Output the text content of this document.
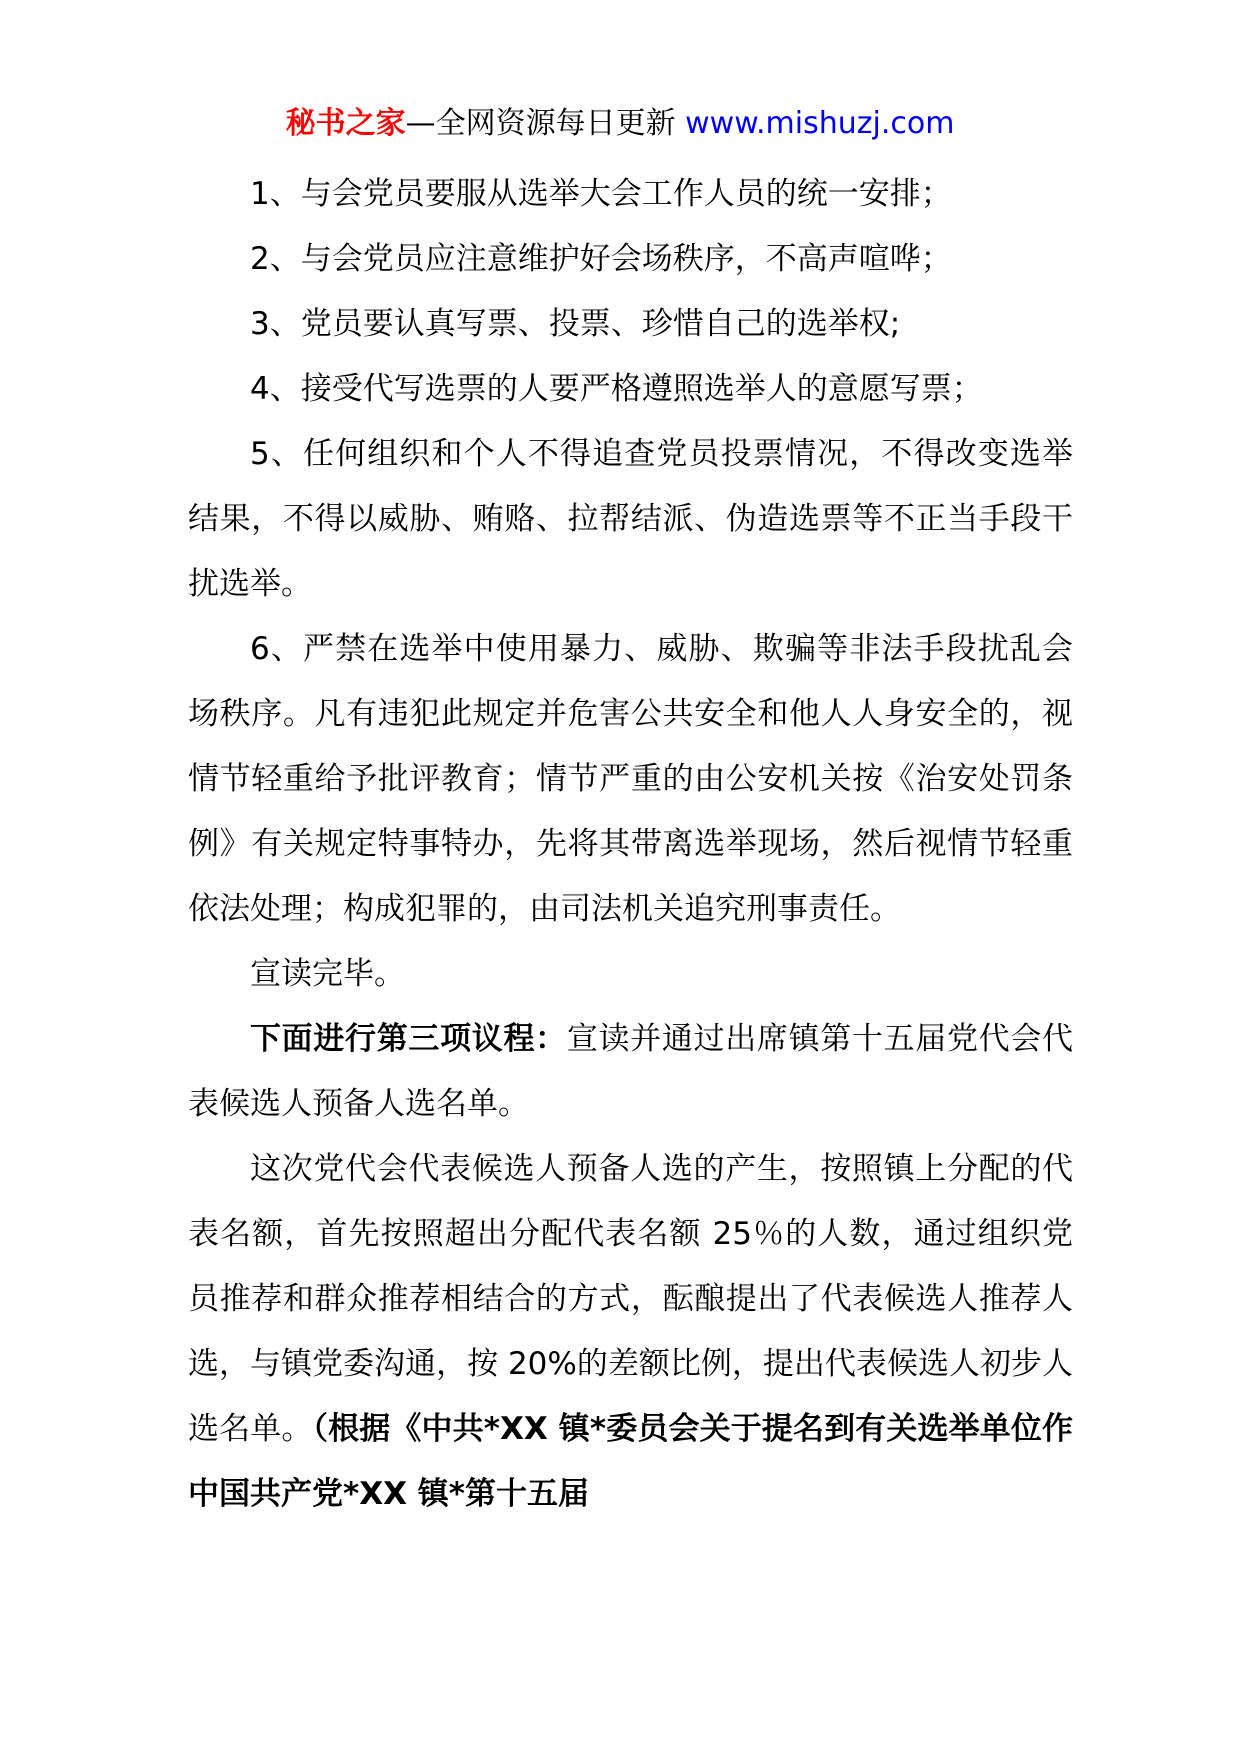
秘书之家—全网资源每日更新 www.mishuzj.com

1、与会党员要服从选举大会工作人员的统一安排；

2、与会党员应注意维护好会场秩序，不高声喧哗；

3、党员要认真写票、投票、珍惜自己的选举权;

4、接受代写选票的人要严格遵照选举人的意愿写票；

5、任何组织和个人不得追查党员投票情况，不得改变选举结果，不得以威胁、贿赂、拉帮结派、伪造选票等不正当手段干扰选举。

6、严禁在选举中使用暴力、威胁、欺骗等非法手段扰乱会场秩序。凡有违犯此规定并危害公共安全和他人人身安全的，视情节轻重给予批评教育；情节严重的由公安机关按《治安处罚条例》有关规定特事特办，先将其带离选举现场，然后视情节轻重依法处理；构成犯罪的，由司法机关追究刑事责任。

宣读完毕。

下面进行第三项议程：宣读并通过出席镇第十五届党代会代表候选人预备人选名单。

这次党代会代表候选人预备人选的产生，按照镇上分配的代表名额，首先按照超出分配代表名额 25％的人数，通过组织党员推荐和群众推荐相结合的方式，酝酿提出了代表候选人推荐人选，与镇党委沟通，按 20%的差额比例，提出代表候选人初步人选名单。（根据《中共*XX 镇*委员会关于提名到有关选举单位作中国共产党*XX 镇*第十五届
